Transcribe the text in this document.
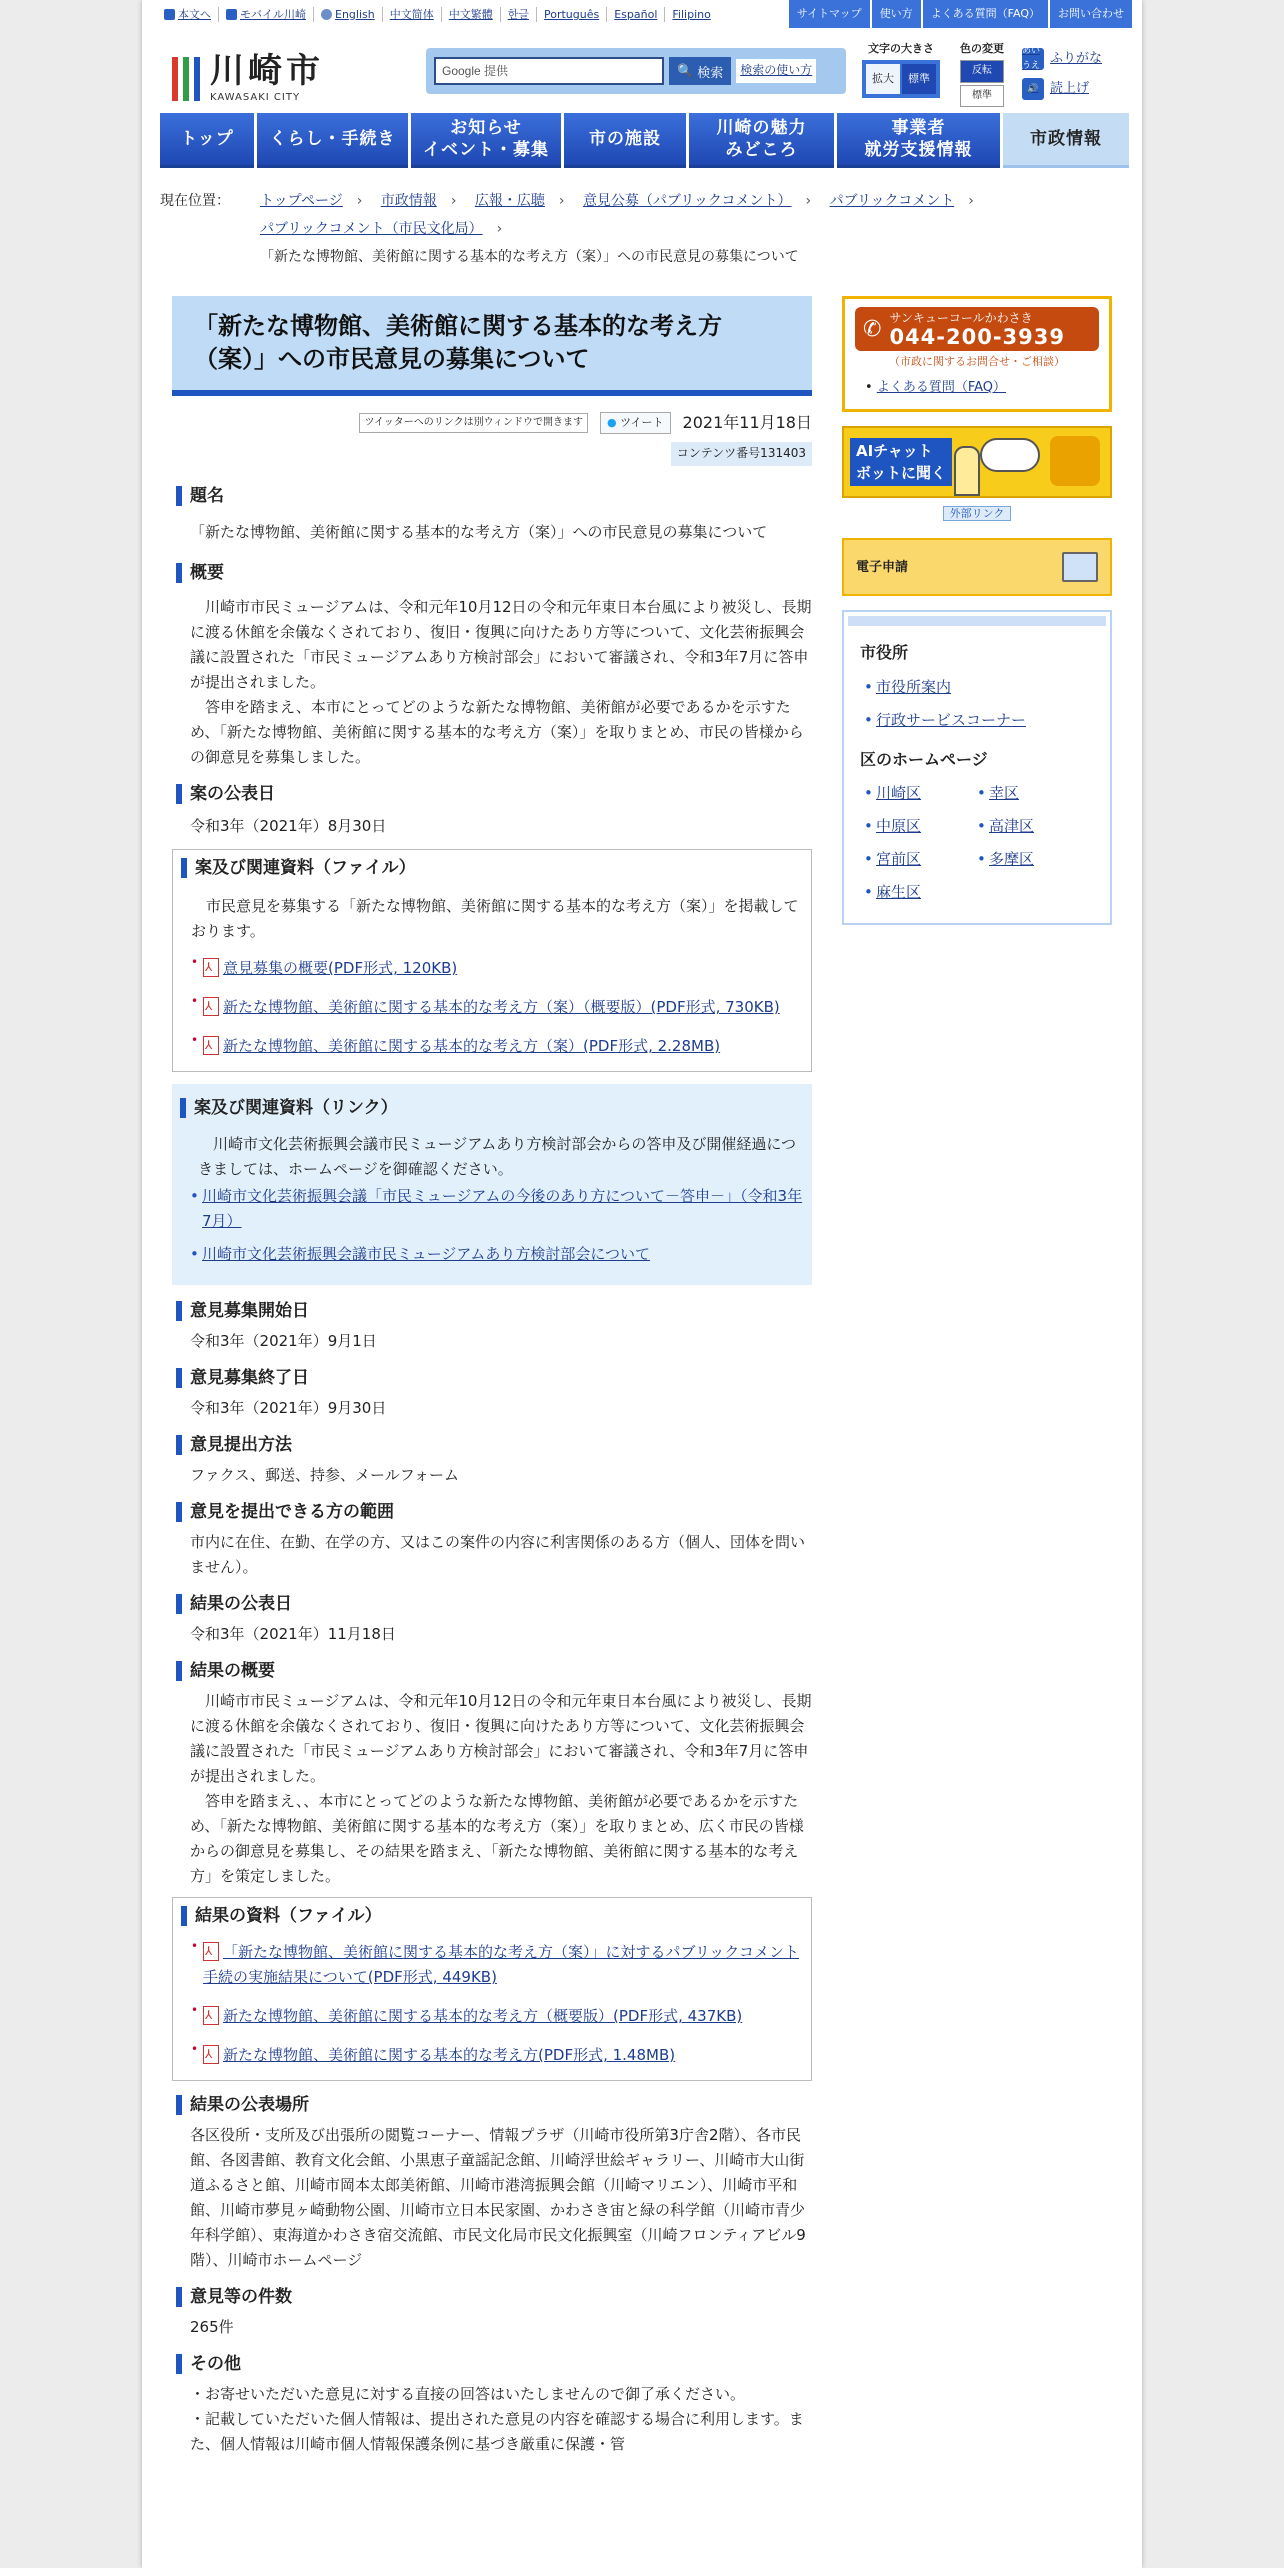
本文へ	モバイル川崎	English	中文简体	中文繁體	한글	Português	Español	Filipino	サイトマップ	使い方	よくある質問（FAQ）	お問い合わせ
川崎市
KAWASAKI CITY
Google 提供
🔍 検索	検索の使い方
文字の大きさ
拡大	標準
色の変更
反転
標準
あいうえ ふりがな
🔊 読上げ
トップ くらし・手続き
お知らせ
イベント・募集
市の施設
川崎の魅力
みどころ
事業者
就労支援情報
市政情報
現在位置： トップページ › 市政情報 › 広報・広聴 › 意見公募（パブリックコメント） › パブリックコメント ›
パブリックコメント（市民文化局） ›
「新たな博物館、美術館に関する基本的な考え方（案）」への市民意見の募集について
「新たな博物館、美術館に関する基本的な考え方（案）」への市民意見の募集について
ツイッターへのリンクは別ウィンドウで開きます	● ツイート	2021年11月18日
コンテンツ番号131403
題名
「新たな博物館、美術館に関する基本的な考え方（案）」への市民意見の募集について
概要

川崎市市民ミュージアムは、令和元年10月12日の令和元年東日本台風により被災し、長期に渡る休館を余儀なくされており、復旧・復興に向けたあり方等について、文化芸術振興会議に設置された「市民ミュージアムあり方検討部会」において審議され、令和3年7月に答申が提出されました。

答申を踏まえ、本市にとってどのような新たな博物館、美術館が必要であるかを示すため、「新たな博物館、美術館に関する基本的な考え方（案）」を取りまとめ、市民の皆様からの御意見を募集しました。

案の公表日
令和3年（2021年）8月30日
案及び関連資料（ファイル）

市民意見を募集する「新たな博物館、美術館に関する基本的な考え方（案）」を掲載しております。

⅄• 意見募集の概要(PDF形式, 120KB)
⅄• 新たな博物館、美術館に関する基本的な考え方（案）（概要版）(PDF形式, 730KB)
⅄• 新たな博物館、美術館に関する基本的な考え方（案）(PDF形式, 2.28MB)
案及び関連資料（リンク）

川崎市文化芸術振興会議市民ミュージアムあり方検討部会からの答申及び開催経過につきましては、ホームページを御確認ください。

• 川崎市文化芸術振興会議「市民ミュージアムの今後のあり方について－答申－」（令和3年7月）
• 川崎市文化芸術振興会議市民ミュージアムあり方検討部会について
意見募集開始日
令和3年（2021年）9月1日
意見募集終了日
令和3年（2021年）9月30日
意見提出方法
ファクス、郵送、持参、メールフォーム
意見を提出できる方の範囲
市内に在住、在勤、在学の方、又はこの案件の内容に利害関係のある方（個人、団体を問いません）。
結果の公表日
令和3年（2021年）11月18日
結果の概要

川崎市市民ミュージアムは、令和元年10月12日の令和元年東日本台風により被災し、長期に渡る休館を余儀なくされており、復旧・復興に向けたあり方等について、文化芸術振興会議に設置された「市民ミュージアムあり方検討部会」において審議され、令和3年7月に答申が提出されました。

答申を踏まえ、、本市にとってどのような新たな博物館、美術館が必要であるかを示すため、「新たな博物館、美術館に関する基本的な考え方（案）」を取りまとめ、広く市民の皆様からの御意見を募集し、その結果を踏まえ、「新たな博物館、美術館に関する基本的な考え方」を策定しました。

結果の資料（ファイル）
⅄• 「新たな博物館、美術館に関する基本的な考え方（案）」に対するパブリックコメント手続の実施結果について(PDF形式, 449KB)
⅄• 新たな博物館、美術館に関する基本的な考え方（概要版）(PDF形式, 437KB)
⅄• 新たな博物館、美術館に関する基本的な考え方(PDF形式, 1.48MB)
結果の公表場所
各区役所・支所及び出張所の閲覧コーナー、情報プラザ（川崎市役所第3庁舎2階）、各市民館、各図書館、教育文化会館、小黒恵子童謡記念館、川崎浮世絵ギャラリー、川崎市大山街道ふるさと館、川崎市岡本太郎美術館、川崎市港湾振興会館（川崎マリエン）、川崎市平和館、川崎市夢見ヶ崎動物公園、川崎市立日本民家園、かわさき宙と緑の科学館（川崎市青少年科学館）、東海道かわさき宿交流館、市民文化局市民文化振興室（川崎フロンティアビル9階）、川崎市ホームページ
意見等の件数
265件
その他
・お寄せいただいた意見に対する直接の回答はいたしませんので御了承ください。
・記載していただいた個人情報は、提出された意見の内容を確認する場合に利用します。また、個人情報は川崎市個人情報保護条例に基づき厳重に保護・管
✆ サンキューコールかわさき
044-200-3939
（市政に関するお問合せ・ご相談）
• よくある質問（FAQ）
AIチャット
ボットに聞く
外部リンク
電子申請
市役所
• 市役所案内
• 行政サービスコーナー
区のホームページ
• 川崎区	• 幸区
• 中原区	• 高津区
• 宮前区	• 多摩区
• 麻生区
